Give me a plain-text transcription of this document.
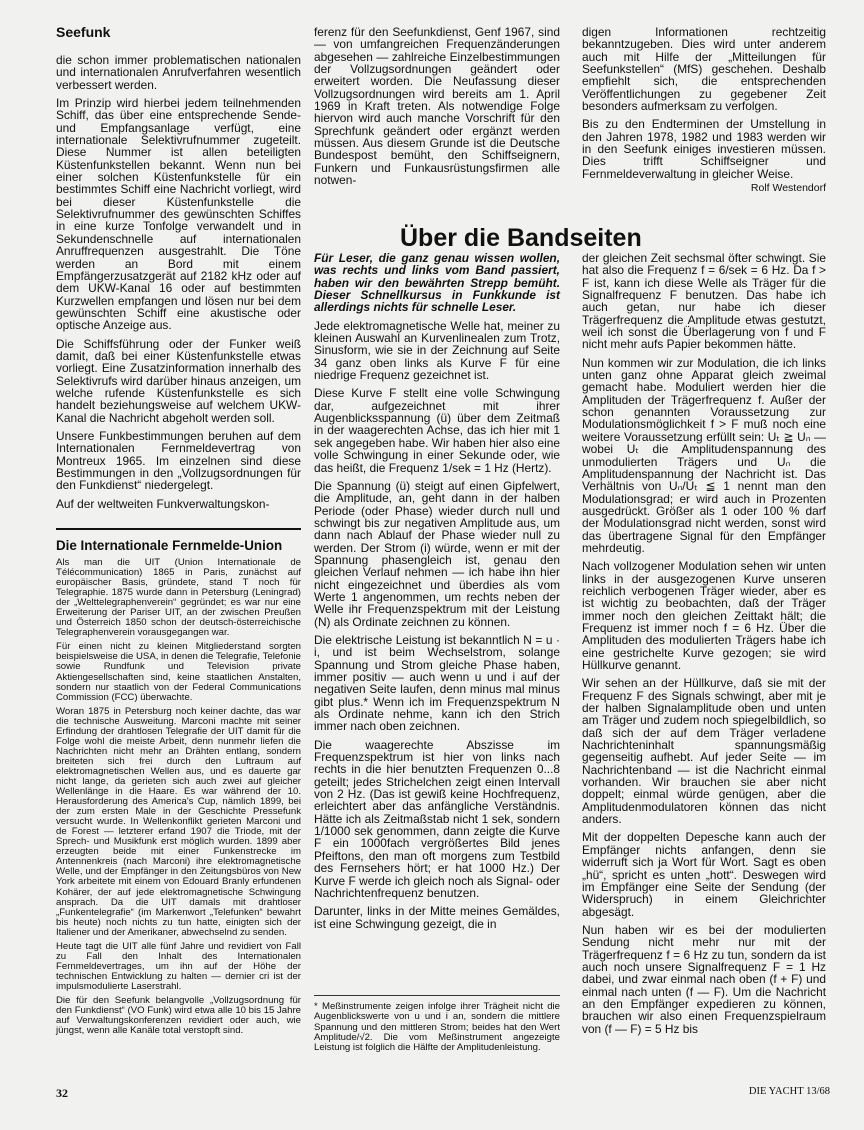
Seefunk

die schon immer problematischen nationalen und internationalen Anrufverfahren wesentlich verbessert werden.

Im Prinzip wird hierbei jedem teilnehmenden Schiff, das über eine entsprechende Sende- und Empfangsanlage verfügt, eine internationale Selektivrufnummer zugeteilt. Diese Nummer ist allen beteiligten Küstenfunkstellen bekannt. Wenn nun bei einer solchen Küstenfunkstelle für ein bestimmtes Schiff eine Nachricht vorliegt, wird bei dieser Küstenfunkstelle die Selektivrufnummer des gewünschten Schiffes in eine kurze Tonfolge verwandelt und in Sekundenschnelle auf internationalen Anruffrequenzen ausgestrahlt. Die Töne werden an Bord mit einem Empfängerzusatzgerät auf 2182 kHz oder auf dem UKW-Kanal 16 oder auf bestimmten Kurzwellen empfangen und lösen nur bei dem gewünschten Schiff eine akustische oder optische Anzeige aus.

Die Schiffsführung oder der Funker weiß damit, daß bei einer Küstenfunkstelle etwas vorliegt. Eine Zusatzinformation innerhalb des Selektivrufs wird darüber hinaus anzeigen, um welche rufende Küstenfunkstelle es sich handelt beziehungsweise auf welchem UKW-Kanal die Nachricht abgeholt werden soll.

Unsere Funkbestimmungen beruhen auf dem Internationalen Fernmeldevertrag von Montreux 1965. Im einzelnen sind diese Bestimmungen in den „Vollzugsordnungen für den Funkdienst“ niedergelegt.

Auf der weltweiten Funkverwaltungskon-

ferenz für den Seefunkdienst, Genf 1967, sind — von umfangreichen Frequenzänderungen abgesehen — zahlreiche Einzelbestimmungen der Vollzugsordnungen geändert oder erweitert worden. Die Neufassung dieser Vollzugsordnungen wird bereits am 1. April 1969 in Kraft treten. Als notwendige Folge hiervon wird auch manche Vorschrift für den Sprechfunk geändert oder ergänzt werden müssen. Aus diesem Grunde ist die Deutsche Bundespost bemüht, den Schiffseignern, Funkern und Funkausrüstungsfirmen alle notwen-

digen Informationen rechtzeitig bekanntzugeben. Dies wird unter anderem auch mit Hilfe der „Mitteilungen für Seefunkstellen“ (MfS) geschehen. Deshalb empfiehlt sich, die entsprechenden Veröffentlichungen zu gegebener Zeit besonders aufmerksam zu verfolgen.

Bis zu den Endterminen der Umstellung in den Jahren 1978, 1982 und 1983 werden wir in den Seefunk einiges investieren müssen. Dies trifft Schiffseigner und Fernmeldeverwaltung in gleicher Weise.

Rolf Westendorf
Über die Bandseiten

Für Leser, die ganz genau wissen wollen, was rechts und links vom Band passiert, haben wir den bewährten Strepp bemüht. Dieser Schnellkursus in Funkkunde ist allerdings nichts für schnelle Leser.

Jede elektromagnetische Welle hat, meiner zu kleinen Auswahl an Kurvenlinealen zum Trotz, Sinusform, wie sie in der Zeichnung auf Seite 34 ganz oben links als Kurve F für eine niedrige Frequenz gezeichnet ist.

Diese Kurve F stellt eine volle Schwingung dar, aufgezeichnet mit ihrer Augenblicksspannung (ü) über dem Zeitmaß in der waagerechten Achse, das ich hier mit 1 sek angegeben habe. Wir haben hier also eine volle Schwingung in einer Sekunde oder, wie das heißt, die Frequenz 1/sek = 1 Hz (Hertz).

Die Spannung (ü) steigt auf einen Gipfelwert, die Amplitude, an, geht dann in der halben Periode (oder Phase) wieder durch null und schwingt bis zur negativen Amplitude aus, um dann nach Ablauf der Phase wieder null zu werden. Der Strom (i) würde, wenn er mit der Spannung phasengleich ist, genau den gleichen Verlauf nehmen — ich habe ihn hier nicht eingezeichnet und überdies als vom Werte 1 angenommen, um rechts neben der Welle ihr Frequenzspektrum mit der Leistung (N) als Ordinate zeichnen zu können.

Die elektrische Leistung ist bekanntlich N = u · i, und ist beim Wechselstrom, solange Spannung und Strom gleiche Phase haben, immer positiv — auch wenn u und i auf der negativen Seite laufen, denn minus mal minus gibt plus.* Wenn ich im Frequenzspektrum N als Ordinate nehme, kann ich den Strich immer nach oben zeichnen.

Die waagerechte Abszisse im Frequenzspektrum ist hier von links nach rechts in die hier benutzten Frequenzen 0...8 geteilt; jedes Strichelchen zeigt einen Intervall von 2 Hz. (Das ist gewiß keine Hochfrequenz, erleichtert aber das anfängliche Verständnis. Hätte ich als Zeitmaßstab nicht 1 sek, sondern 1/1000 sek genommen, dann zeigte die Kurve F ein 1000fach vergrößertes Bild jenes Pfeiftons, den man oft morgens zum Testbild des Fernsehers hört; er hat 1000 Hz.) Der Kurve F werde ich gleich noch als Signal- oder Nachrichtenfrequenz benutzen.

Darunter, links in der Mitte meines Gemäldes, ist eine Schwingung gezeigt, die in

der gleichen Zeit sechsmal öfter schwingt. Sie hat also die Frequenz f = 6/sek = 6 Hz. Da f > F ist, kann ich diese Welle als Träger für die Signalfrequenz F benutzen. Das habe ich auch getan, nur habe ich dieser Trägerfrequenz die Amplitude etwas gestutzt, weil ich sonst die Überlagerung von f und F nicht mehr aufs Papier bekommen hätte.

Nun kommen wir zur Modulation, die ich links unten ganz ohne Apparat gleich zweimal gemacht habe. Moduliert werden hier die Amplituden der Trägerfrequenz f. Außer der schon genannten Voraussetzung zur Modulationsmöglichkeit f > F muß noch eine weitere Voraussetzung erfüllt sein: Uₜ ≧ Uₙ — wobei Uₜ die Amplitudenspannung des unmodulierten Trägers und Uₙ die Amplitudenspannung der Nachricht ist. Das Verhältnis von Uₙ/Uₜ ≦ 1 nennt man den Modulationsgrad; er wird auch in Prozenten ausgedrückt. Größer als 1 oder 100 % darf der Modulationsgrad nicht werden, sonst wird das übertragene Signal für den Empfänger mehrdeutig.

Nach vollzogener Modulation sehen wir unten links in der ausgezogenen Kurve unseren reichlich verbogenen Träger wieder, aber es ist wichtig zu beobachten, daß der Träger immer noch den gleichen Zeittakt hält; die Frequenz ist immer noch f = 6 Hz. Über die Amplituden des modulierten Trägers habe ich eine gestrichelte Kurve gezogen; sie wird Hüllkurve genannt.

Wir sehen an der Hüllkurve, daß sie mit der Frequenz F des Signals schwingt, aber mit je der halben Signalamplitude oben und unten am Träger und zudem noch spiegelbildlich, so daß sich der auf dem Träger verladene Nachrichteninhalt spannungsmäßig gegenseitig aufhebt. Auf jeder Seite — im Nachrichtenband — ist die Nachricht einmal vorhanden. Wir brauchen sie aber nicht doppelt; einmal würde genügen, aber die Amplitudenmodulatoren können das nicht anders.

Mit der doppelten Depesche kann auch der Empfänger nichts anfangen, denn sie widerruft sich ja Wort für Wort. Sagt es oben „hü“, spricht es unten „hott“. Deswegen wird im Empfänger eine Seite der Sendung (der Widerspruch) in einem Gleichrichter abgesägt.

Nun haben wir es bei der modulierten Sendung nicht mehr nur mit der Trägerfrequenz f = 6 Hz zu tun, sondern da ist auch noch unsere Signalfrequenz F = 1 Hz dabei, und zwar einmal nach oben (f + F) und einmal nach unten (f — F). Um die Nachricht an den Empfänger expedieren zu können, brauchen wir also einen Frequenzspielraum von (f — F) = 5 Hz bis

Die Internationale Fernmelde-Union

Als man die UIT (Union Internationale de Télécommunication) 1865 in Paris, zunächst auf europäischer Basis, gründete, stand T noch für Telegraphie. 1875 wurde dann in Petersburg (Leningrad) der „Welttelegraphenverein“ gegründet; es war nur eine Erweiterung der Pariser UIT, an der zwischen Preußen und Österreich 1850 schon der deutsch-österreichische Telegraphenverein vorausgegangen war.

Für einen nicht zu kleinen Mitgliederstand sorgten beispielsweise die USA, in denen die Telegrafie, Telefonie sowie Rundfunk und Television private Aktiengesellschaften sind, keine staatlichen Anstalten, sondern nur staatlich von der Federal Communications Commission (FCC) überwachte.

Woran 1875 in Petersburg noch keiner dachte, das war die technische Ausweitung. Marconi machte mit seiner Erfindung der drahtlosen Telegrafie der UIT damit für die Folge wohl die meiste Arbeit, denn nunmehr liefen die Nachrichten nicht mehr an Drähten entlang, sondern breiteten sich frei durch den Luftraum auf elektromagnetischen Wellen aus, und es dauerte gar nicht lange, da gerieten sich auch zwei auf gleicher Wellenlänge in die Haare. Es war während der 10. Herausforderung des America's Cup, nämlich 1899, bei der zum ersten Male in der Geschichte Pressefunk versucht wurde. In Wellenkonflikt gerieten Marconi und de Forest — letzterer erfand 1907 die Triode, mit der Sprech- und Musikfunk erst möglich wurden. 1899 aber erzeugten beide mit einer Funkenstrecke im Antennenkreis (nach Marconi) ihre elektromagnetische Welle, und der Empfänger in den Zeitungsbüros von New York arbeitete mit einem von Edouard Branly erfundenen Kohärer, der auf jede elektromagnetische Schwingung ansprach. Da die UIT damals mit drahtloser „Funkentelegrafie“ (im Markenwort „Telefunken“ bewahrt bis heute) noch nichts zu tun hatte, einigten sich der Italiener und der Amerikaner, abwechselnd zu senden.

Heute tagt die UIT alle fünf Jahre und revidiert von Fall zu Fall den Inhalt des Internationalen Fernmeldevertrages, um ihn auf der Höhe der technischen Entwicklung zu halten — dernier cri ist der impulsmodulierte Laserstrahl.

Die für den Seefunk belangvolle „Vollzugsordnung für den Funkdienst“ (VO Funk) wird etwa alle 10 bis 15 Jahre auf Verwaltungskonferenzen revidiert oder auch, wie jüngst, wenn alle Kanäle total verstopft sind.

* Meßinstrumente zeigen infolge ihrer Trägheit nicht die Augenblickswerte von u und i an, sondern die mittlere Spannung und den mittleren Strom; beides hat den Wert Amplitude/√2. Die vom Meßinstrument angezeigte Leistung ist folglich die Hälfte der Amplitudenleistung.

32	DIE YACHT 13/68
